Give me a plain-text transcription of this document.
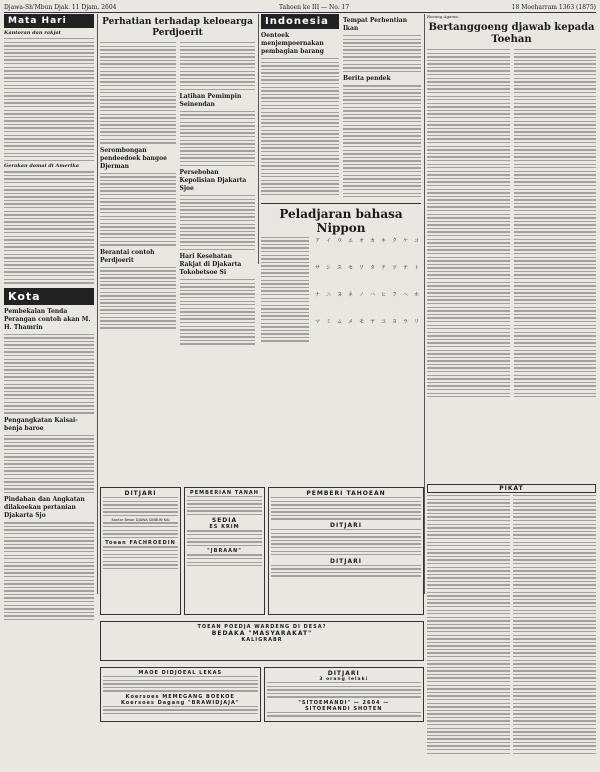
Djawa-Sh'Mbun Djak. 11 Djam. 2604	Tahoen ke III — No. 17	18 Moeharram 1363 (1875)
Mata Hari
Kantoran dan rakjat
Gerakan damai di Amerika
Kota
Pembekalan Tenda Perangan contoh akan M. H. Thamrin
Pengangkatan Kaisai-benja baroe
Pindahan dan Angkatan dilakoekan pertanian Djakarta Sjo
Perhatian terhadap keloearga Perdjoerit
Serombongan pendeedoek bangoe Djerman
Berantai contoh Perdjoerit
Latihan Pemimpin Seinendan
Perseboban Kepolisian Djakarta Sjoe
Hari Kesehatan Rakjat di Djakarta Tokobetsoe Si
Indonesia
Oentoek menjempoernakan pembagian barang
Tempat Perhentian Ikan
Berita pendek
Peladjaran bahasa Nippon
ア	イ	ウ	エ	オ	カ	キ	ク	ケ	コ
サ	シ	ス	セ	ソ	タ	チ	ツ	テ	ト
ナ	ニ	ヌ	ネ	ノ	ハ	ヒ	フ	ヘ	ホ
マ	ミ	ム	メ	モ	ヤ	ユ	ヨ	ラ	リ
Roeang Agama:
Bertanggoeng djawab kepada Toehan
DITJARI
Kantor Besar DJAWA SINBUN KAI
Toean FACHROEDIN
PEMBERIAN TANAH
SEDIA
ES KRIM
"JBRAAN"
PEMBERI TAHOEAN
DITJARI
DITJARI
TOEAN POEDJA WARDENG DI DESA?
BEDAKA "MASYARAKAT"
KALIGRABR
MAOE DIDJOEAL LEKAS
Koersoes MEMEGANG BOEKOE
Koersoes Dagang "BRAWIDJAJA"
DITJARI
3 orang lelaki
"SITOEMANDI" — 2604 —
SITOEMANDI SHOTEN
PIKAT
